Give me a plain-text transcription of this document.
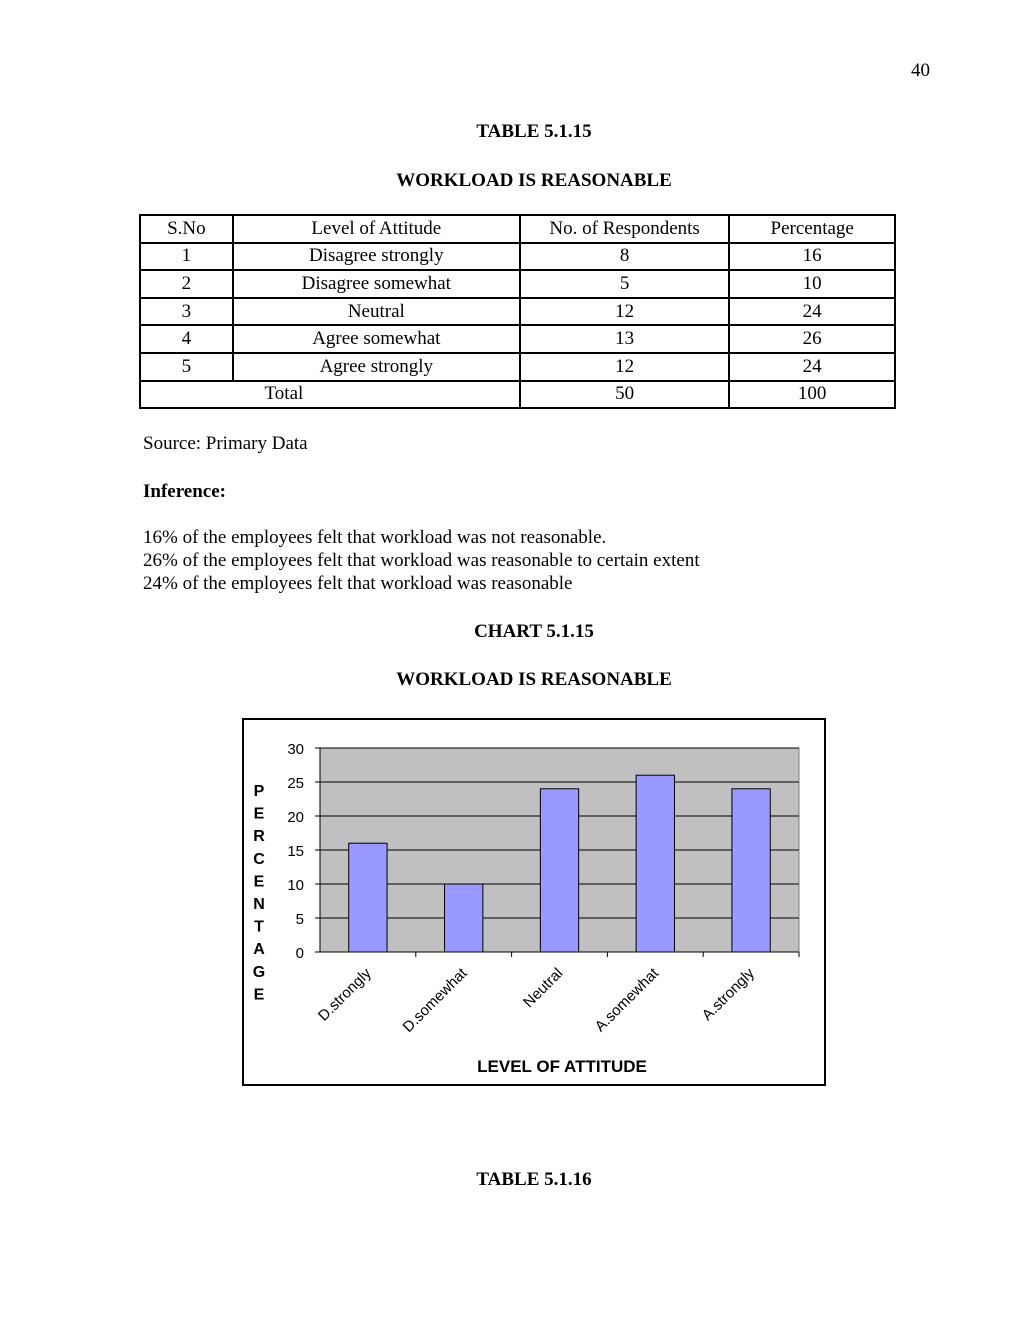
40
TABLE 5.1.15
WORKLOAD IS REASONABLE
S.No	Level of Attitude	No. of Respondents	Percentage
1	Disagree strongly	8	16
2	Disagree somewhat	5	10
3	Neutral	12	24
4	Agree somewhat	13	26
5	Agree strongly	12	24
Total		50	100
Source: Primary Data
Inference:
16% of the employees felt that workload was not reasonable.
26% of the employees felt that workload was reasonable to certain extent
24% of the employees felt that workload was reasonable
CHART 5.1.15
WORKLOAD IS REASONABLE
0
5
10
15
20
25
30
D.strongly D.somewhat	Neutral A.somewhat A.strongly
P
E
R
C
E
N
T
A
G
E
LEVEL OF ATTITUDE
TABLE 5.1.16
